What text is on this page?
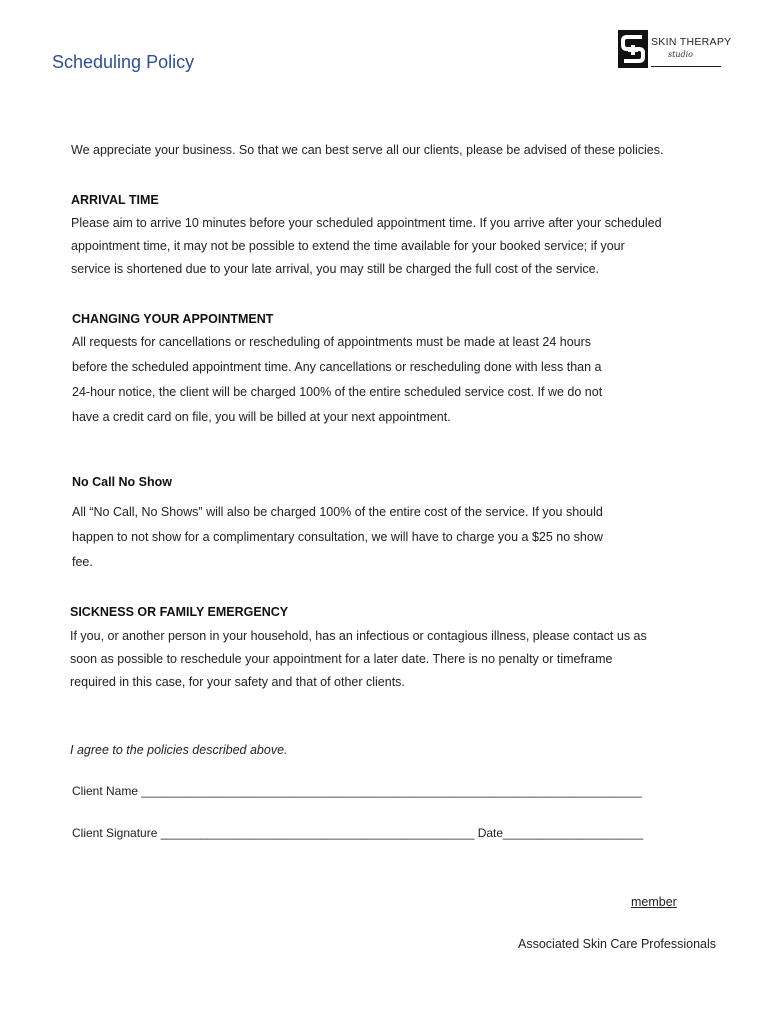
Scheduling Policy
SKIN THERAPY
studio
We appreciate your business. So that we can best serve all our clients, please be advised of these policies.
ARRIVAL TIME
Please aim to arrive 10 minutes before your scheduled appointment time. If you arrive after your scheduled
appointment time, it may not be possible to extend the time available for your booked service; if your
service is shortened due to your late arrival, you may still be charged the full cost of the service.
CHANGING YOUR APPOINTMENT
All requests for cancellations or rescheduling of appointments must be made at least 24 hours
before the scheduled appointment time. Any cancellations or rescheduling done with less than a
24-hour notice, the client will be charged 100% of the entire scheduled service cost. If we do not
have a credit card on file, you will be billed at your next appointment.
No Call No Show
All “No Call, No Shows” will also be charged 100% of the entire cost of the service. If you should
happen to not show for a complimentary consultation, we will have to charge you a $25 no show
fee.
SICKNESS OR FAMILY EMERGENCY
If you, or another person in your household, has an infectious or contagious illness, please contact us as
soon as possible to reschedule your appointment for a later date. There is no penalty or timeframe
required in this case, for your safety and that of other clients.
I agree to the policies described above.
Client Name ___________________________________________________________________________
Client Signature _______________________________________________ Date_____________________
member
Associated Skin Care Professionals
